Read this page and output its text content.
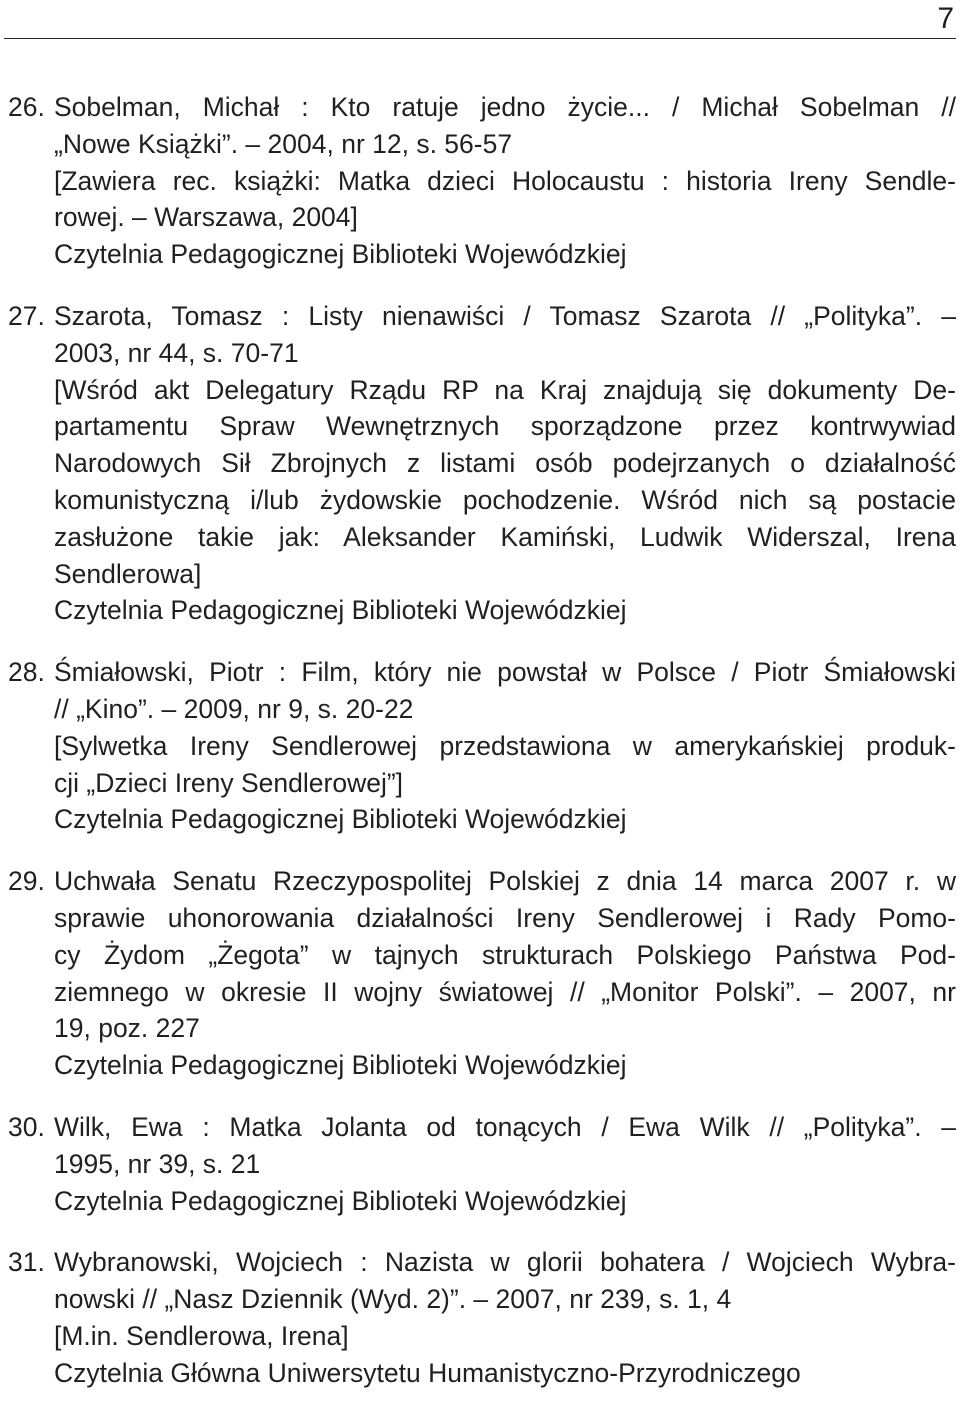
7
26. Sobelman, Michał : Kto ratuje jedno życie... / Michał Sobelman //
„Nowe Książki”. – 2004, nr 12, s. 56-57
[Zawiera rec. książki: Matka dzieci Holocaustu : historia Ireny Sendle-
rowej. – Warszawa, 2004]
Czytelnia Pedagogicznej Biblioteki Wojewódzkiej
27. Szarota, Tomasz : Listy nienawiści / Tomasz Szarota // „Polityka”. –
2003, nr 44, s. 70-71
[Wśród akt Delegatury Rządu RP na Kraj znajdują się dokumenty De-
partamentu Spraw Wewnętrznych sporządzone przez kontrwywiad
Narodowych Sił Zbrojnych z listami osób podejrzanych o działalność
komunistyczną i/lub żydowskie pochodzenie. Wśród nich są postacie
zasłużone takie jak: Aleksander Kamiński, Ludwik Widerszal, Irena
Sendlerowa]
Czytelnia Pedagogicznej Biblioteki Wojewódzkiej
28. Śmiałowski, Piotr : Film, który nie powstał w Polsce / Piotr Śmiałowski
// „Kino”. – 2009, nr 9, s. 20-22
[Sylwetka Ireny Sendlerowej przedstawiona w amerykańskiej produk-
cji „Dzieci Ireny Sendlerowej”]
Czytelnia Pedagogicznej Biblioteki Wojewódzkiej
29. Uchwała Senatu Rzeczypospolitej Polskiej z dnia 14 marca 2007 r. w
sprawie uhonorowania działalności Ireny Sendlerowej i Rady Pomo-
cy Żydom „Żegota” w tajnych strukturach Polskiego Państwa Pod-
ziemnego w okresie II wojny światowej // „Monitor Polski”. – 2007, nr
19, poz. 227
Czytelnia Pedagogicznej Biblioteki Wojewódzkiej
30. Wilk, Ewa : Matka Jolanta od tonących / Ewa Wilk // „Polityka”. –
1995, nr 39, s. 21
Czytelnia Pedagogicznej Biblioteki Wojewódzkiej
31. Wybranowski, Wojciech : Nazista w glorii bohatera / Wojciech Wybra-
nowski // „Nasz Dziennik (Wyd. 2)”. – 2007, nr 239, s. 1, 4
[M.in. Sendlerowa, Irena]
Czytelnia Główna Uniwersytetu Humanistyczno-Przyrodniczego
